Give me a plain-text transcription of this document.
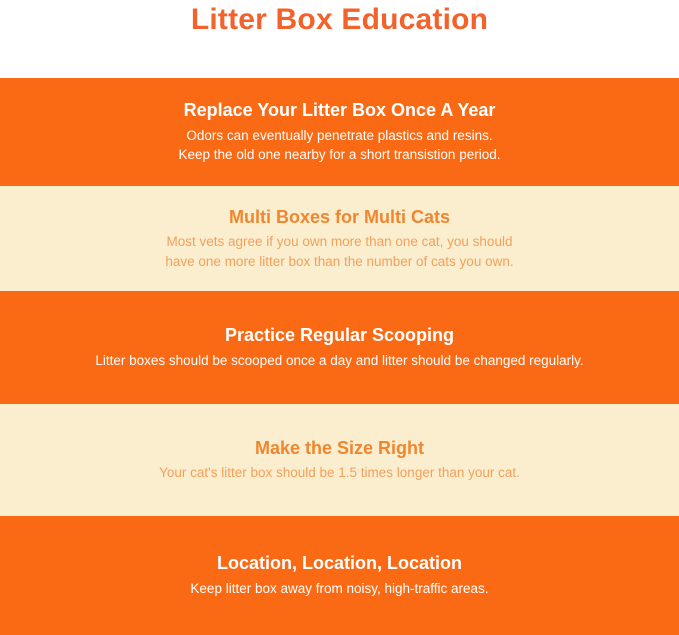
Litter Box Education
Replace Your Litter Box Once A Year
Odors can eventually penetrate plastics and resins.
Keep the old one nearby for a short transistion period.
Multi Boxes for Multi Cats
Most vets agree if you own more than one cat, you should
have one more litter box than the number of cats you own.
Practice Regular Scooping
Litter boxes should be scooped once a day and litter should be changed regularly.
Make the Size Right
Your cat's litter box should be 1.5 times longer than your cat.
Location, Location, Location
Keep litter box away from noisy, high-traffic areas.
